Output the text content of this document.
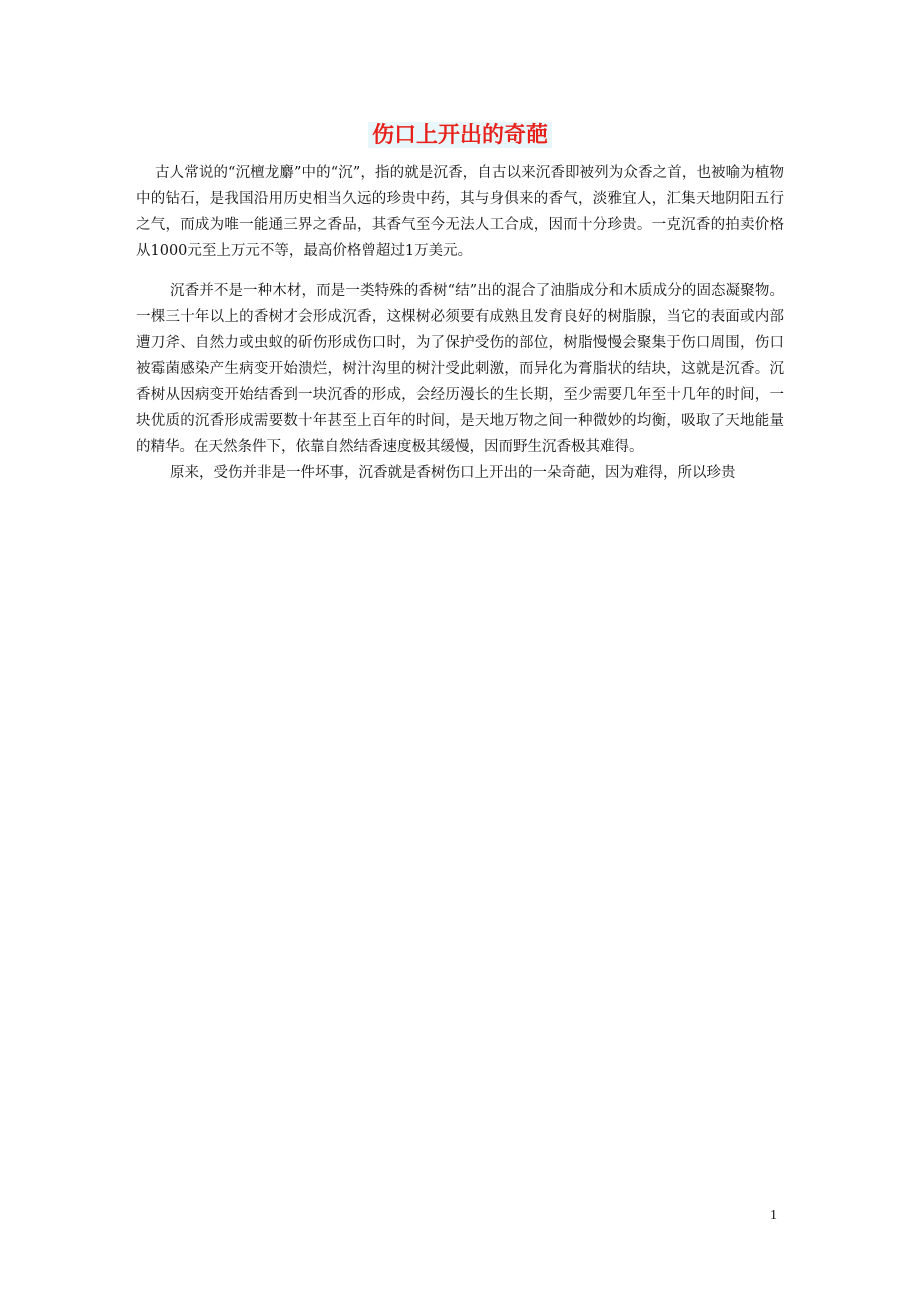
伤口上开出的奇葩

古人常说的“沉檀龙麝”中的“沉”，指的就是沉香，自古以来沉香即被列为众香之首，也被喻为植物中的钻石，是我国沿用历史相当久远的珍贵中药，其与身俱来的香气，淡雅宜人，汇集天地阴阳五行之气，而成为唯一能通三界之香品，其香气至今无法人工合成，因而十分珍贵。一克沉香的拍卖价格从1000元至上万元不等，最高价格曾超过1万美元。

沉香并不是一种木材，而是一类特殊的香树“结”出的混合了油脂成分和木质成分的固态凝聚物。一棵三十年以上的香树才会形成沉香，这棵树必须要有成熟且发育良好的树脂腺，当它的表面或内部遭刀斧、自然力或虫蚁的斫伤形成伤口时，为了保护受伤的部位，树脂慢慢会聚集于伤口周围，伤口被霉菌感染产生病变开始溃烂，树汁沟里的树汁受此刺激，而异化为膏脂状的结块，这就是沉香。沉香树从因病变开始结香到一块沉香的形成，会经历漫长的生长期，至少需要几年至十几年的时间，一块优质的沉香形成需要数十年甚至上百年的时间，是天地万物之间一种微妙的均衡，吸取了天地能量的精华。在天然条件下，依靠自然结香速度极其缓慢，因而野生沉香极其难得。

原来，受伤并非是一件坏事，沉香就是香树伤口上开出的一朵奇葩，因为难得，所以珍贵

1
